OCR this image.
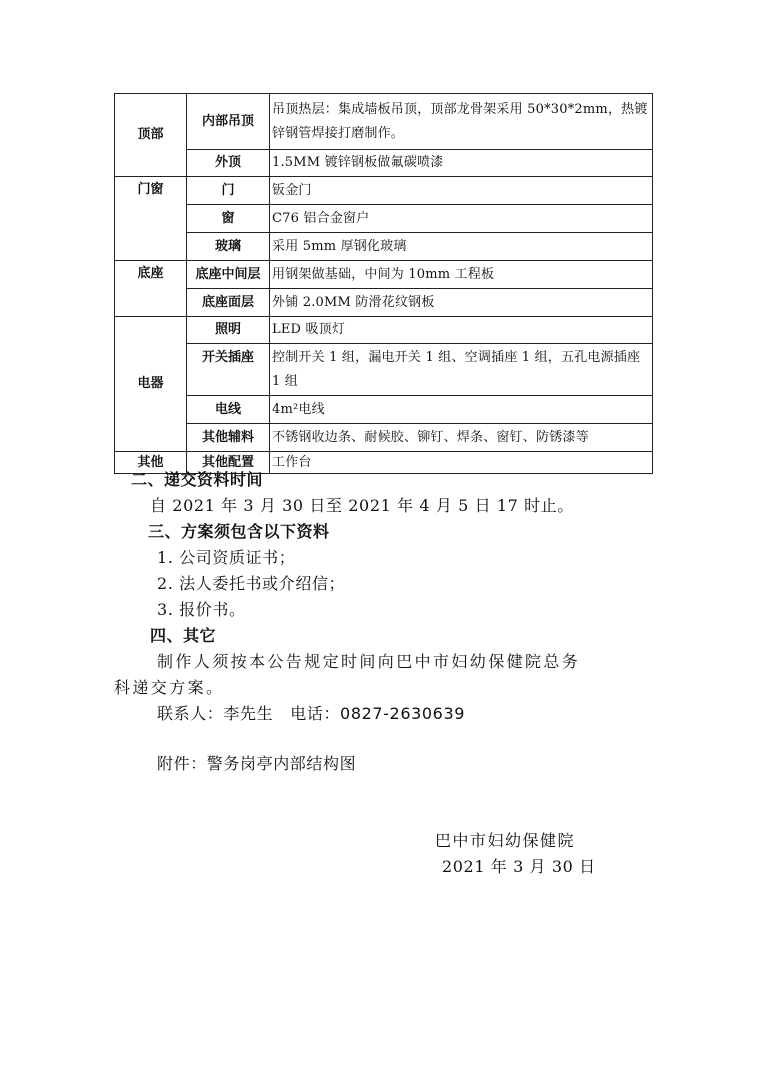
顶部	内部吊顶	吊顶热层：集成墙板吊顶，顶部龙骨架采用 50*30*2mm，热镀锌钢管焊接打磨制作。
	外顶	1.5MM 镀锌钢板做氟碳喷漆
门窗	门	钣金门
	窗	C76 铝合金窗户
	玻璃	采用 5mm 厚钢化玻璃
底座	底座中间层	用钢架做基础，中间为 10mm 工程板
	底座面层	外铺 2.0MM 防滑花纹钢板
电器	照明	LED 吸顶灯
	开关插座	控制开关 1 组，漏电开关 1 组、空调插座 1 组，五孔电源插座 1 组
	电线	4m²电线
	其他辅料	不锈钢收边条、耐候胶、铆钉、焊条、窗钉、防锈漆等
其他	其他配置	工作台
二、递交资料时间
自 2021 年 3 月 30 日至 2021 年 4 月 5 日 17 时止。
三、方案须包含以下资料
1. 公司资质证书；
2. 法人委托书或介绍信；
3. 报价书。
四、其它
制作人须按本公告规定时间向巴中市妇幼保健院总务
科递交方案。
联系人：李先生   电话：0827-2630639
附件：警务岗亭内部结构图
巴中市妇幼保健院
2021 年 3 月 30 日
